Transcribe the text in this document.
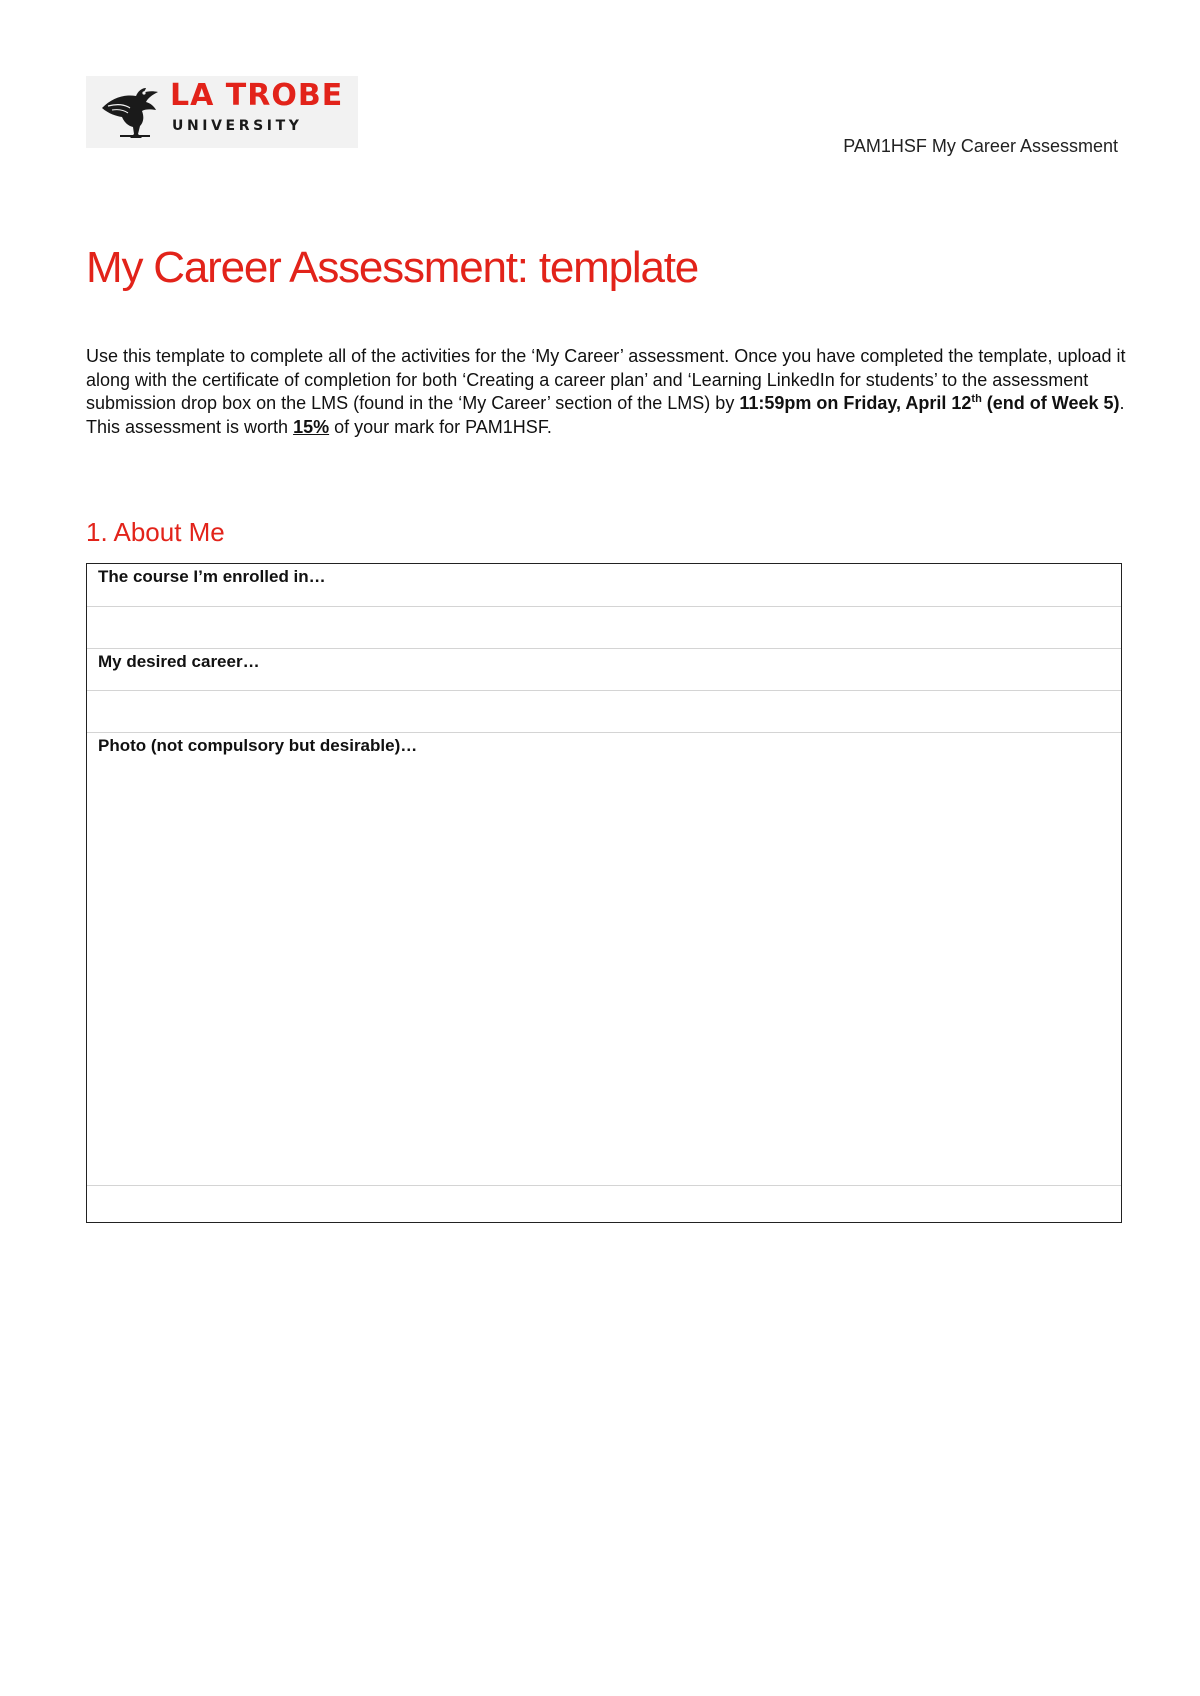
LA TROBE
UNIVERSITY
PAM1HSF My Career Assessment
My Career Assessment: template

Use this template to complete all of the activities for the ‘My Career’ assessment. Once you have completed the template, upload it along with the certificate of completion for both ‘Creating a career plan’ and ‘Learning LinkedIn for students’ to the assessment submission drop box on the LMS (found in the ‘My Career’ section of the LMS) by 11:59pm on Friday, April 12th (end of Week 5). This assessment is worth 15% of your mark for PAM1HSF.

1. About Me
The course I’m enrolled in…
My desired career…
Photo (not compulsory but desirable)…
